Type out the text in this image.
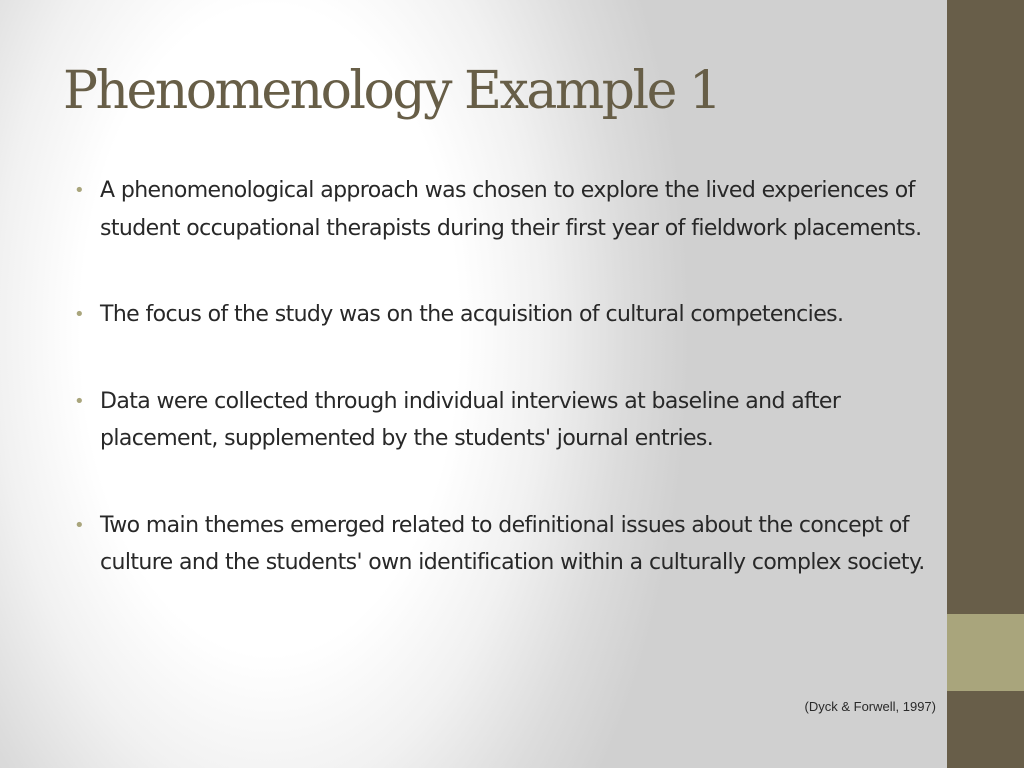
Phenomenology Example 1
• A phenomenological approach was chosen to explore the lived experiences of student occupational therapists during their first year of fieldwork placements.
• The focus of the study was on the acquisition of cultural competencies.
• Data were collected through individual interviews at baseline and after placement, supplemented by the students' journal entries.
• Two main themes emerged related to definitional issues about the concept of culture and the students' own identification within a culturally complex society.
(Dyck & Forwell, 1997)
